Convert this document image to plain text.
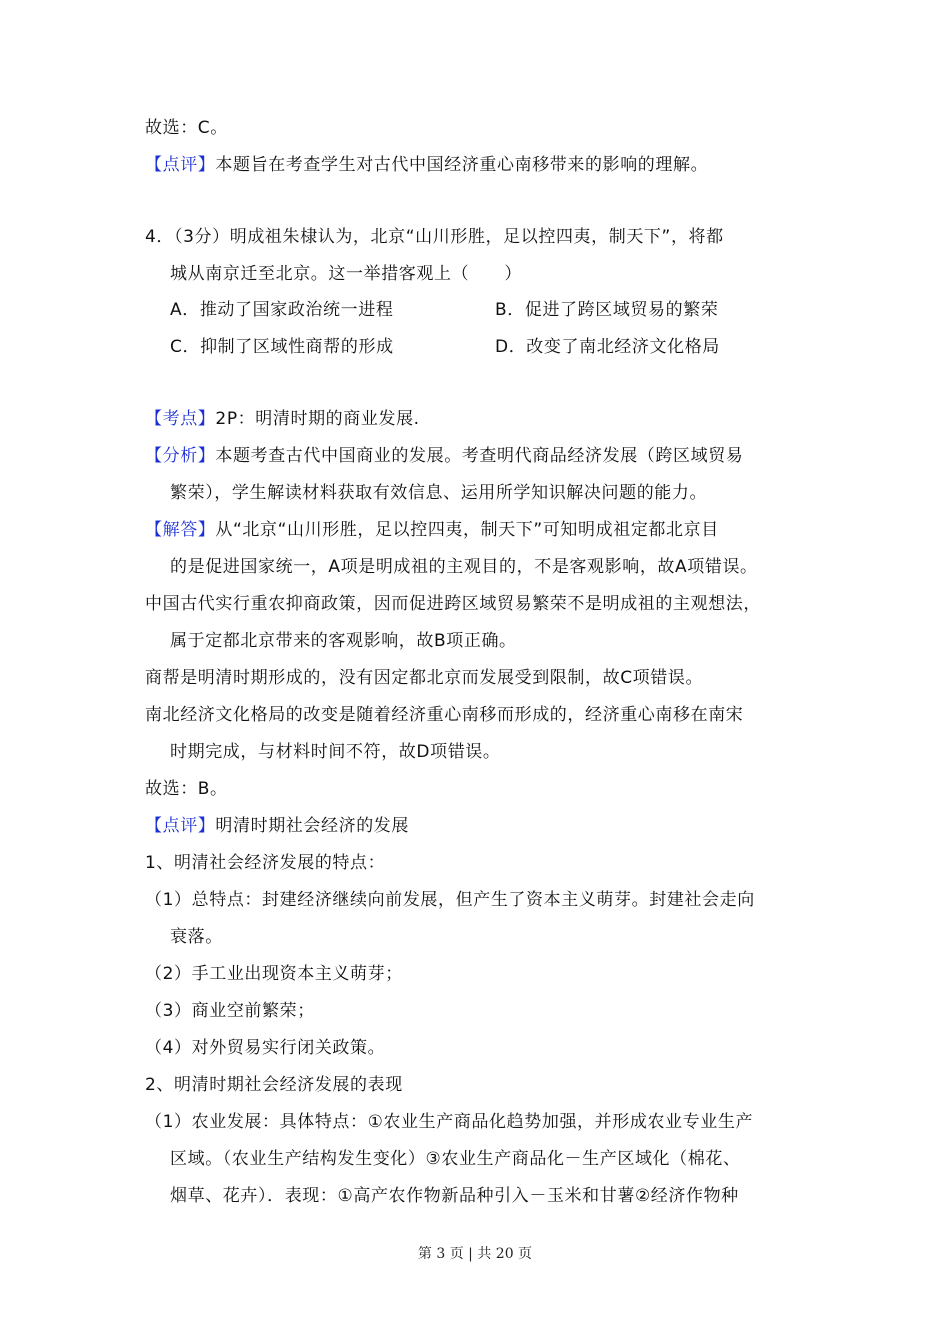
故选：C。
【点评】本题旨在考查学生对古代中国经济重心南移带来的影响的理解。
4．（3分）明成祖朱棣认为，北京“山川形胜，足以控四夷，制天下”，将都
城从南京迁至北京。这一举措客观上（　　）
A．推动了国家政治统一进程	B．促进了跨区域贸易的繁荣
C．抑制了区域性商帮的形成	D．改变了南北经济文化格局
【考点】2P：明清时期的商业发展.
【分析】本题考查古代中国商业的发展。考查明代商品经济发展（跨区域贸易
繁荣），学生解读材料获取有效信息、运用所学知识解决问题的能力。
【解答】从“北京“山川形胜，足以控四夷，制天下”可知明成祖定都北京目
的是促进国家统一，A项是明成祖的主观目的，不是客观影响，故A项错误。
中国古代实行重农抑商政策，因而促进跨区域贸易繁荣不是明成祖的主观想法，
属于定都北京带来的客观影响，故B项正确。
商帮是明清时期形成的，没有因定都北京而发展受到限制，故C项错误。
南北经济文化格局的改变是随着经济重心南移而形成的，经济重心南移在南宋
时期完成，与材料时间不符，故D项错误。
故选：B。
【点评】明清时期社会经济的发展
1、明清社会经济发展的特点：
（1）总特点：封建经济继续向前发展，但产生了资本主义萌芽。封建社会走向
衰落。
（2）手工业出现资本主义萌芽；
（3）商业空前繁荣；
（4）对外贸易实行闭关政策。
2、明清时期社会经济发展的表现
（1）农业发展：具体特点：①农业生产商品化趋势加强，并形成农业专业生产
区域。（农业生产结构发生变化）③农业生产商品化－生产区域化（棉花、
烟草、花卉）．表现：①高产农作物新品种引入－玉米和甘薯②经济作物种
第 3 页 | 共 20 页
